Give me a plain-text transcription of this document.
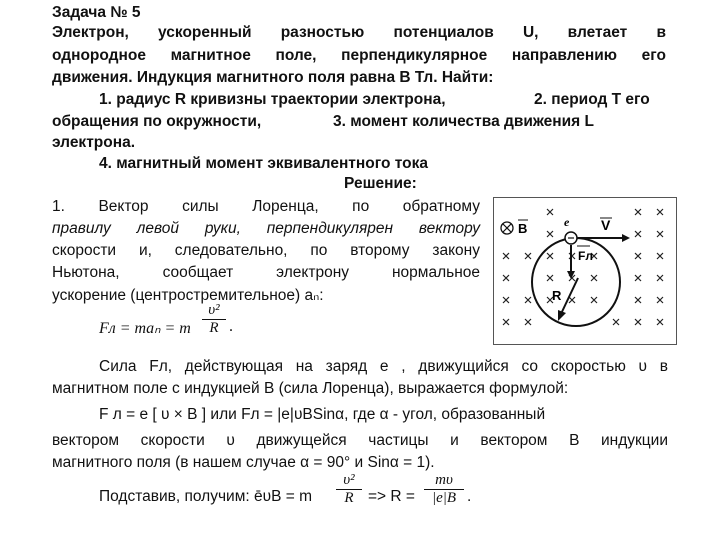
Задача № 5
Электрон, ускоренный разностью потенциалов U, влетает в
однородное магнитное поле, перпендикулярное направлению его
движения. Индукция магнитного поля равна B Тл. Найти:
1. радиус R кривизны траектории электрона,	2. период T его
обращения по окружности,	3. момент количества движения L
электрона.
4. магнитный момент эквивалентного тока
Решение:
1. Вектор силы Лоренца, по обратному
правилу левой руки, перпендикулярен вектору
скорости и, следовательно, по второму закону
Ньютона, сообщает электрону нормальное
ускорение (центростремительное) aₙ:
Fл = maₙ = m $\frac{\text{υ²}}{R}$ .
B	e V
Fл
R
Сила Fл, действующая на заряд e , движущийся со скоростью υ в
магнитном поле с индукцией B (сила Лоренца), выражается формулой:
F л = e [ υ × B ] или Fл = |e|υBSinα, где α - угол, образованный
вектором скорости υ движущейся частицы и вектором B индукции
магнитного поля (в нашем случае α = 90° и Sinα = 1).
Подставив, получим: ēυB = m $\frac{\text{υ²}}{R} => R = \frac{m\upsilon}{|e|B}$ .
